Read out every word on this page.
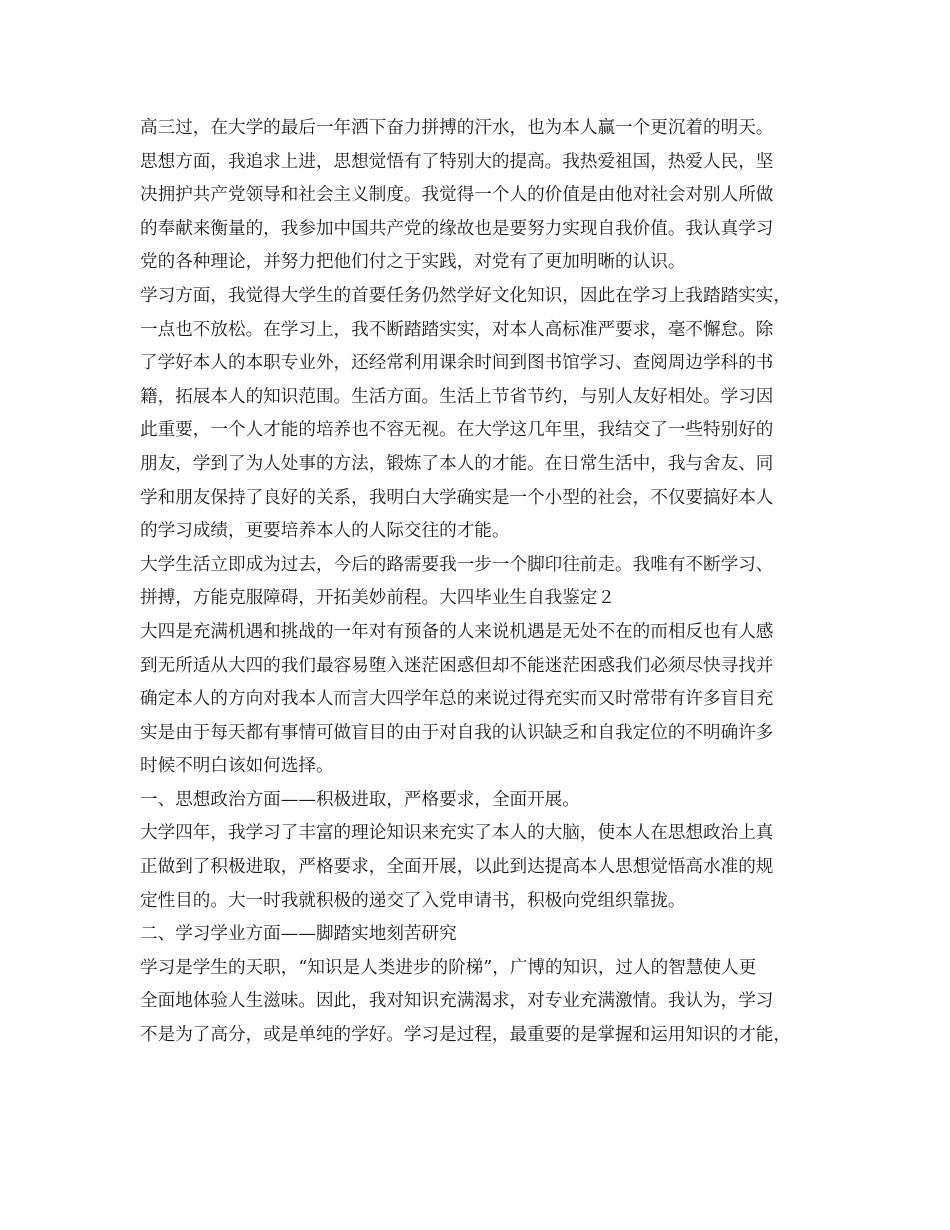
高三过，在大学的最后一年洒下奋力拼搏的汗水，也为本人赢一个更沉着的明天。
思想方面，我追求上进，思想觉悟有了特别大的提高。我热爱祖国，热爱人民，坚
决拥护共产党领导和社会主义制度。我觉得一个人的价值是由他对社会对别人所做
的奉献来衡量的，我参加中国共产党的缘故也是要努力实现自我价值。我认真学习
党的各种理论，并努力把他们付之于实践，对党有了更加明晰的认识。
学习方面，我觉得大学生的首要任务仍然学好文化知识，因此在学习上我踏踏实实，
一点也不放松。在学习上，我不断踏踏实实，对本人高标准严要求，毫不懈怠。除
了学好本人的本职专业外，还经常利用课余时间到图书馆学习、查阅周边学科的书
籍，拓展本人的知识范围。生活方面。生活上节省节约，与别人友好相处。学习因
此重要，一个人才能的培养也不容无视。在大学这几年里，我结交了一些特别好的
朋友，学到了为人处事的方法，锻炼了本人的才能。在日常生活中，我与舍友、同
学和朋友保持了良好的关系，我明白大学确实是一个小型的社会，不仅要搞好本人
的学习成绩，更要培养本人的人际交往的才能。
大学生活立即成为过去，今后的路需要我一步一个脚印往前走。我唯有不断学习、
拼搏，方能克服障碍，开拓美妙前程。大四毕业生自我鉴定２
大四是充满机遇和挑战的一年对有预备的人来说机遇是无处不在的而相反也有人感
到无所适从大四的我们最容易堕入迷茫困惑但却不能迷茫困惑我们必须尽快寻找并
确定本人的方向对我本人而言大四学年总的来说过得充实而又时常带有许多盲目充
实是由于每天都有事情可做盲目的由于对自我的认识缺乏和自我定位的不明确许多
时候不明白该如何选择。
一、思想政治方面——积极进取，严格要求，全面开展。
大学四年，我学习了丰富的理论知识来充实了本人的大脑，使本人在思想政治上真
正做到了积极进取，严格要求，全面开展，以此到达提高本人思想觉悟高水准的规
定性目的。大一时我就积极的递交了入党申请书，积极向党组织靠拢。
二、学习学业方面——脚踏实地刻苦研究
学习是学生的天职，“知识是人类进步的阶梯”，广博的知识，过人的智慧使人更
全面地体验人生滋味。因此，我对知识充满渴求，对专业充满激情。我认为，学习
不是为了高分，或是单纯的学好。学习是过程，最重要的是掌握和运用知识的才能，
